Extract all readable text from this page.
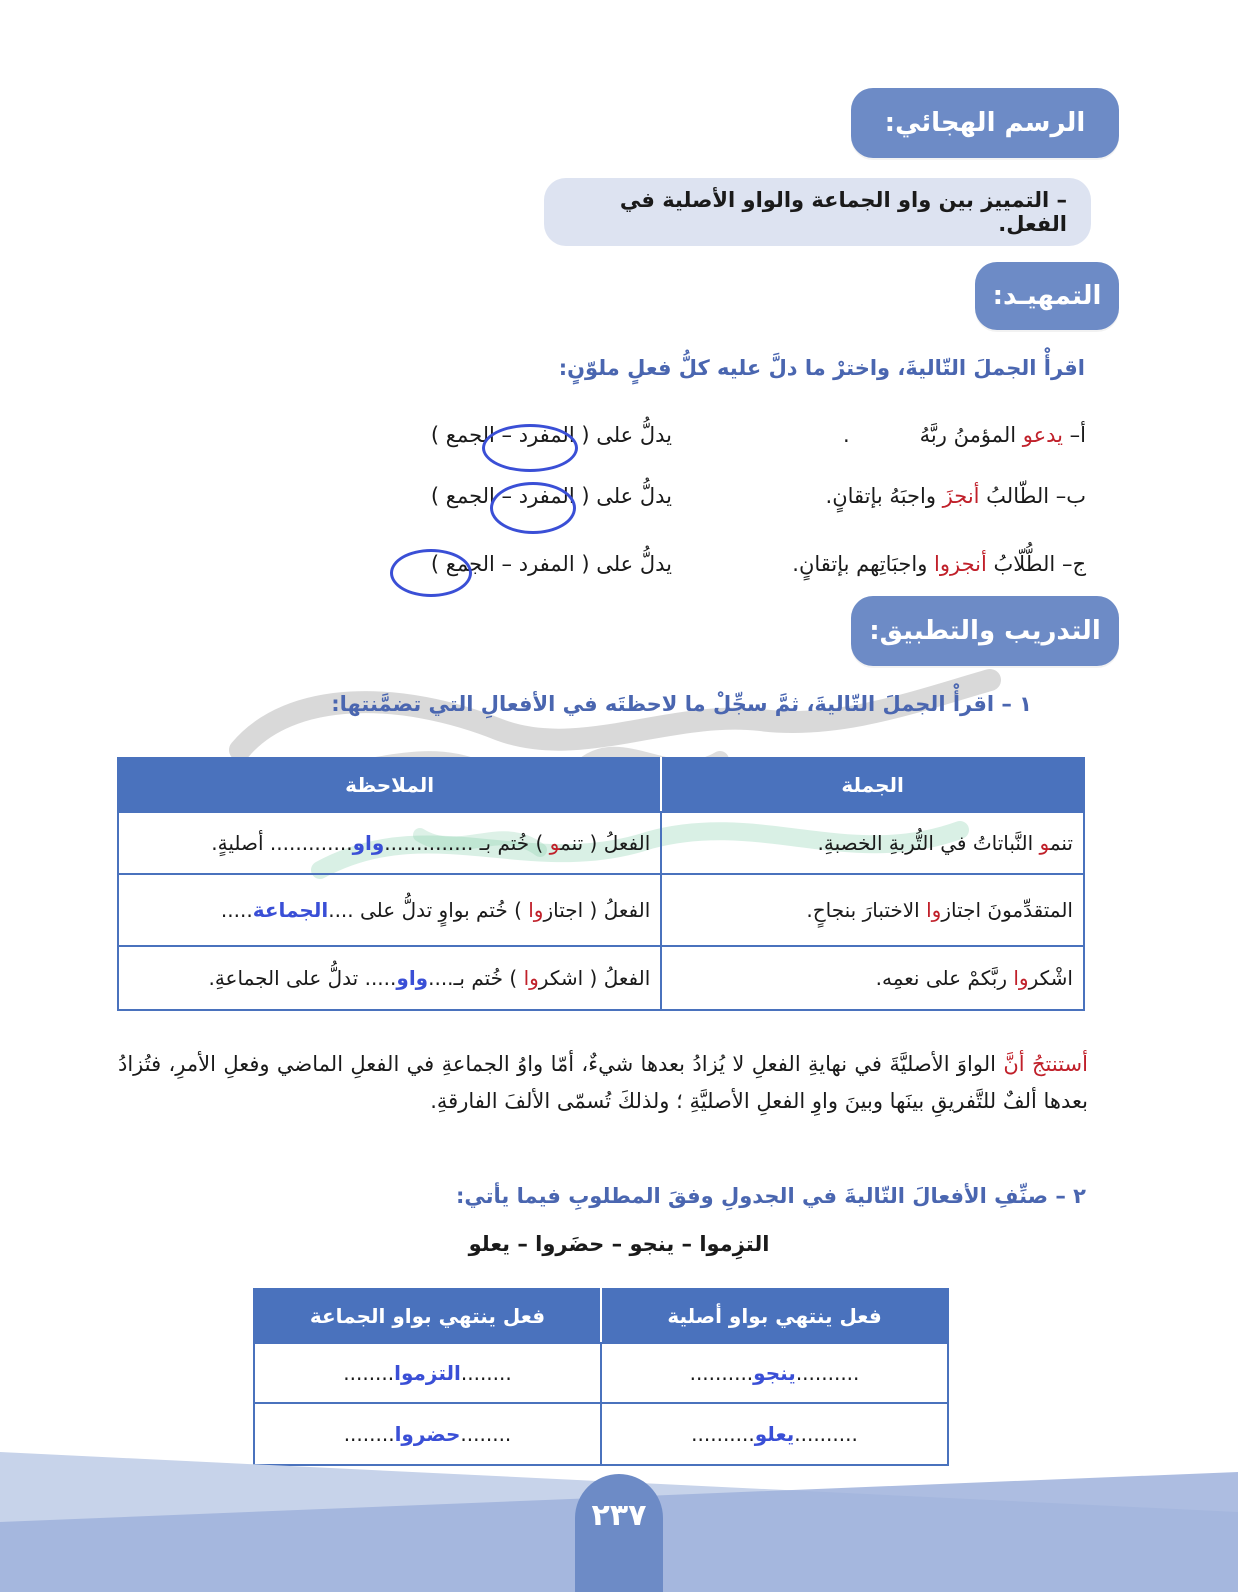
الرسم الهجائي:
– التمييز بين واو الجماعة والواو الأصلية في الفعل.
التمهيـد:
اقرأْ الجملَ التّاليةَ، واخترْ ما دلَّ عليه كلُّ فعلٍ ملوّنٍ:
أ– يدعو المؤمنُ ربَّهُ.
يدلُّ على ( المفرد – الجمع )
ب– الطّالبُ أنجزَ واجبَهُ بإتقانٍ.
يدلُّ على ( المفرد – الجمع )
ج– الطُّلّابُ أنجزوا واجبَاتِهم بإتقانٍ.
يدلُّ على ( المفرد – الجمع )
التدريب والتطبيق:
١ – اقرأْ الجملَ التّاليةَ، ثمَّ سجِّلْ ما لاحظتَه في الأفعالِ التي تضمَّنتها:
الجملة	الملاحظة
تنمو النَّباتاتُ في التُّربةِ الخصبةِ.	الفعلُ ( تنمو ) خُتم بـ ..............واو............. أصليةٍ.
المتقدِّمونَ اجتازوا الاختبارَ بنجاحٍ.	الفعلُ ( اجتازوا ) خُتم بواوٍ تدلُّ على ....الجماعة.....
اشْكروا ربَّكمْ على نعمِه.	الفعلُ ( اشكروا ) خُتم بـ....واو..... تدلُّ على الجماعةِ.
أستنتجُ أنَّ الواوَ الأصليَّةَ في نهايةِ الفعلِ لا يُزادُ بعدها شيءٌ، أمّا واوُ الجماعةِ في الفعلِ الماضي وفعلِ الأمرِ، فتُزادُ بعدها ألفٌ للتَّفريقِ بينَها وبينَ واوِ الفعلِ الأصليَّةِ ؛ ولذلكَ تُسمّى الألفَ الفارقةِ.
٢ – صنِّفِ الأفعالَ التّاليةَ في الجدولِ وفقَ المطلوبِ فيما يأتي:
التزِموا – ينجو – حضَروا – يعلو
فعل ينتهي بواو أصلية	فعل ينتهي بواو الجماعة
..........ينجو..........	........التزموا........
..........يعلو..........	........حضروا........
٢٣٧
